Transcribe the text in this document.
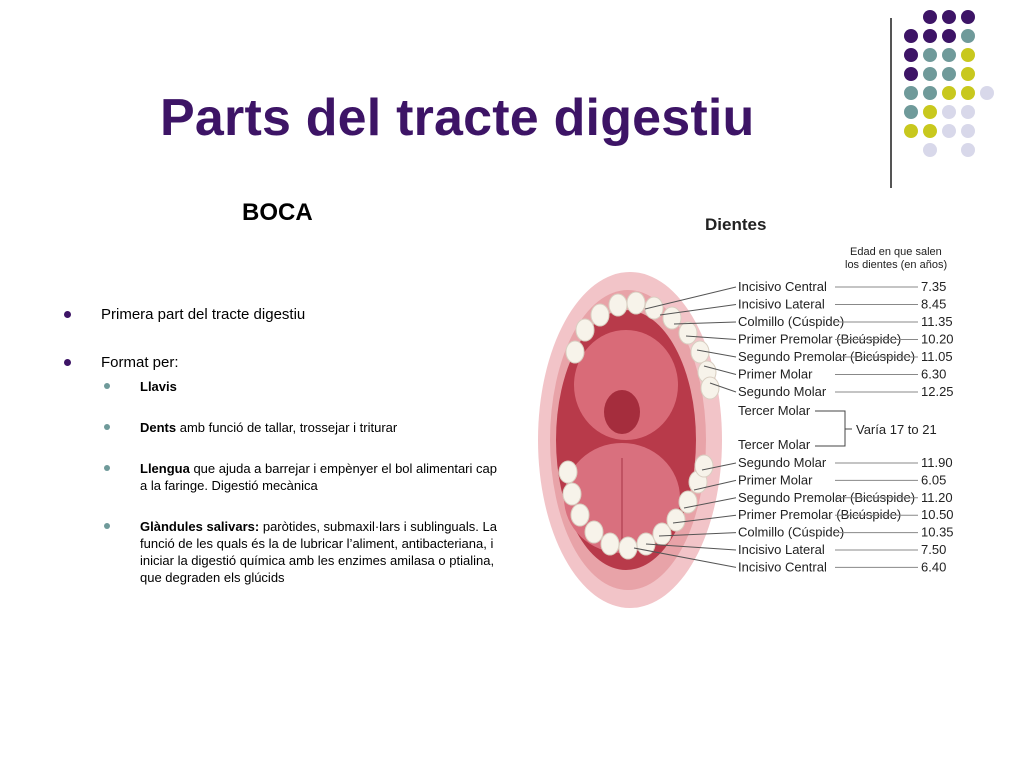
Parts del tracte digestiu
BOCA
Primera part del tracte digestiu
Format per:
Llavis
Dents amb funció de tallar, trossejar i triturar
Llengua que ajuda a barrejar i empènyer el bol alimentari cap a la faringe. Digestió mecànica
Glàndules salivars: paròtides, submaxil·lars i sublinguals. La funció de les quals és la de lubricar l’aliment, antibacteriana, i iniciar la digestió química amb les enzimes amilasa o ptialina, que degraden els glúcids
Dientes
Edad en que salen
los dientes (en años)
Incisivo Central	7.35
Incisivo Lateral	8.45
Colmillo (Cúspide)	11.35
Primer Premolar (Bicúspide) 10.20
Segundo Premolar (Bicúspide) 11.05
Primer Molar	6.30
Segundo Molar	12.25
Segundo Molar	11.90
Primer Molar	6.05
Segundo Premolar (Bicúspide) 11.20
Primer Premolar (Bicúspide) 10.50
Colmillo (Cúspide)	10.35
Incisivo Lateral	7.50
Incisivo Central	6.40
Tercer Molar
Tercer Molar
Varía 17 to 21
